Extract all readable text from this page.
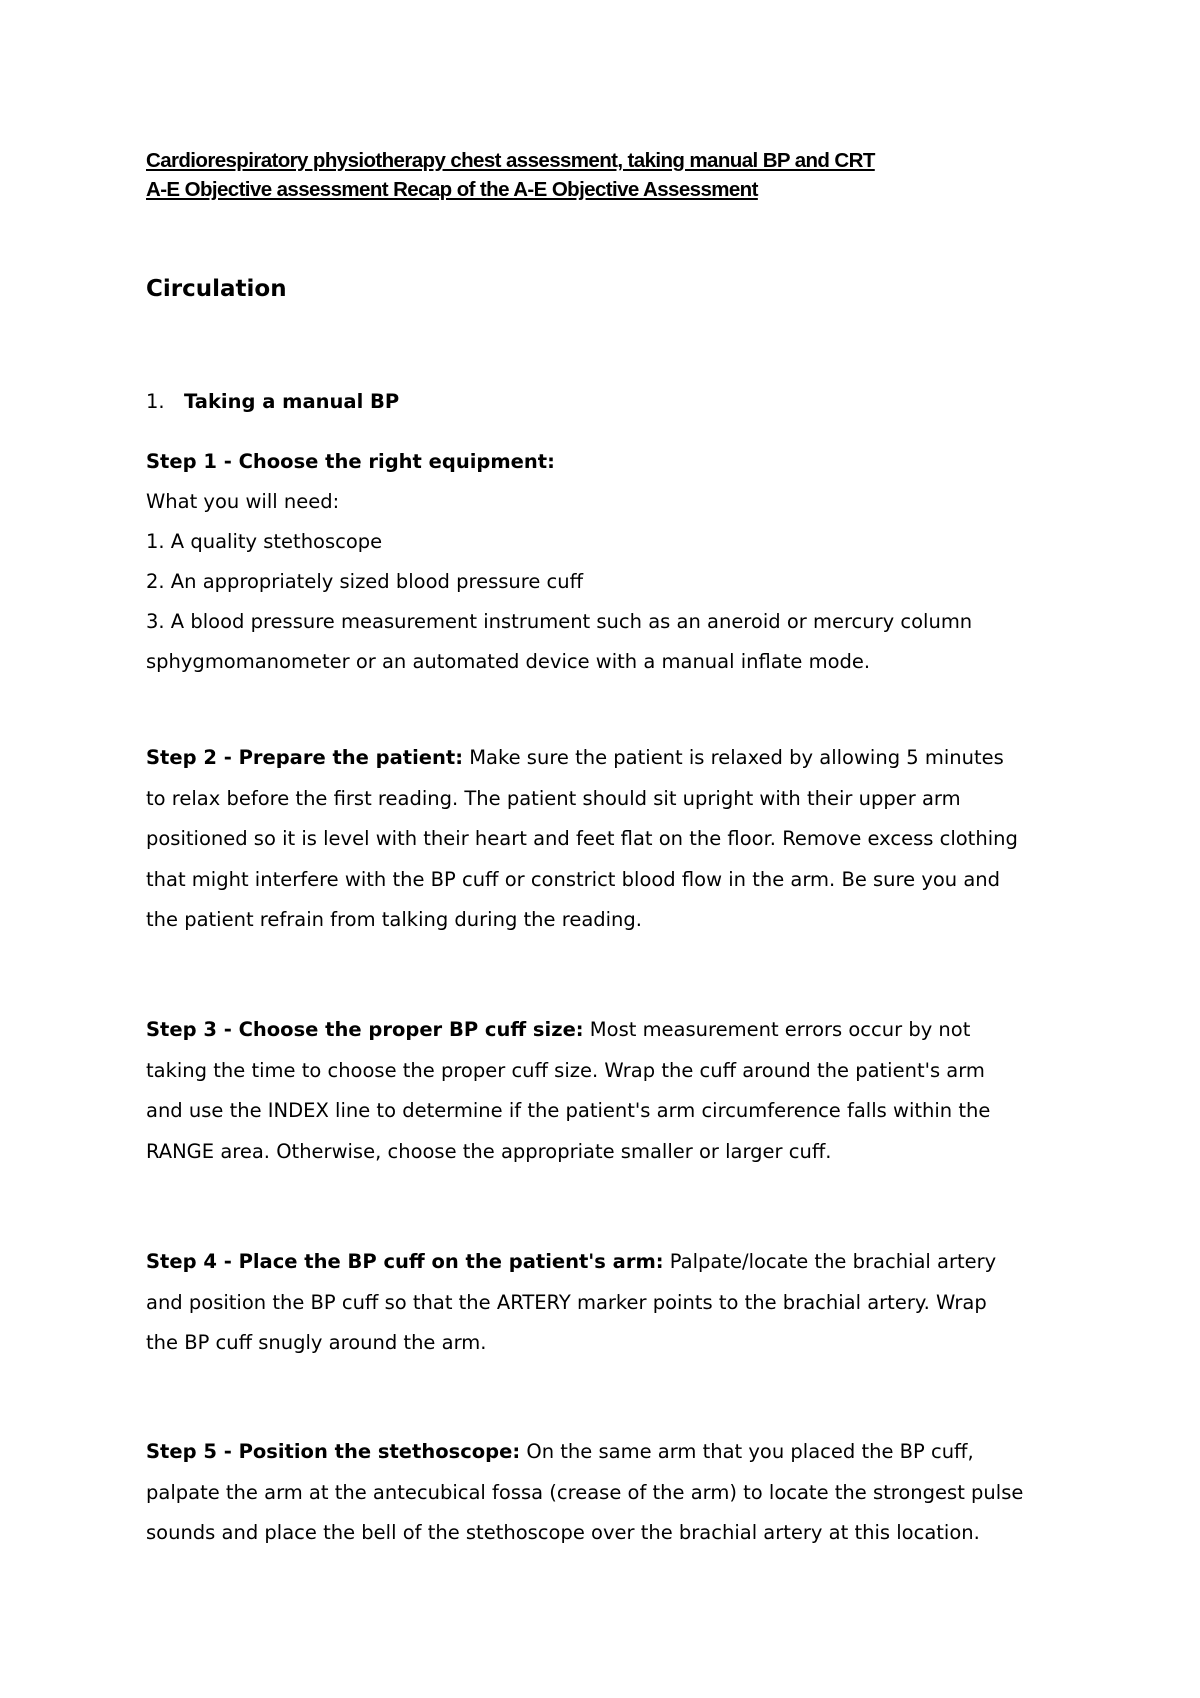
Cardiorespiratory physiotherapy chest assessment, taking manual BP and CRT

A-E Objective assessment Recap of the A-E Objective Assessment

Circulation

1. Taking a manual BP

Step 1 - Choose the right equipment:
What you will need:
1. A quality stethoscope
2. An appropriately sized blood pressure cuff
3. A blood pressure measurement instrument such as an aneroid or mercury column
sphygmomanometer or an automated device with a manual inflate mode.
Step 2 - Prepare the patient: Make sure the patient is relaxed by allowing 5 minutes
to relax before the first reading. The patient should sit upright with their upper arm
positioned so it is level with their heart and feet flat on the floor. Remove excess clothing
that might interfere with the BP cuff or constrict blood flow in the arm. Be sure you and
the patient refrain from talking during the reading.
Step 3 - Choose the proper BP cuff size: Most measurement errors occur by not
taking the time to choose the proper cuff size. Wrap the cuff around the patient's arm
and use the INDEX line to determine if the patient's arm circumference falls within the
RANGE area. Otherwise, choose the appropriate smaller or larger cuff.
Step 4 - Place the BP cuff on the patient's arm: Palpate/locate the brachial artery
and position the BP cuff so that the ARTERY marker points to the brachial artery. Wrap
the BP cuff snugly around the arm.
Step 5 - Position the stethoscope: On the same arm that you placed the BP cuff,
palpate the arm at the antecubical fossa (crease of the arm) to locate the strongest pulse
sounds and place the bell of the stethoscope over the brachial artery at this location.
